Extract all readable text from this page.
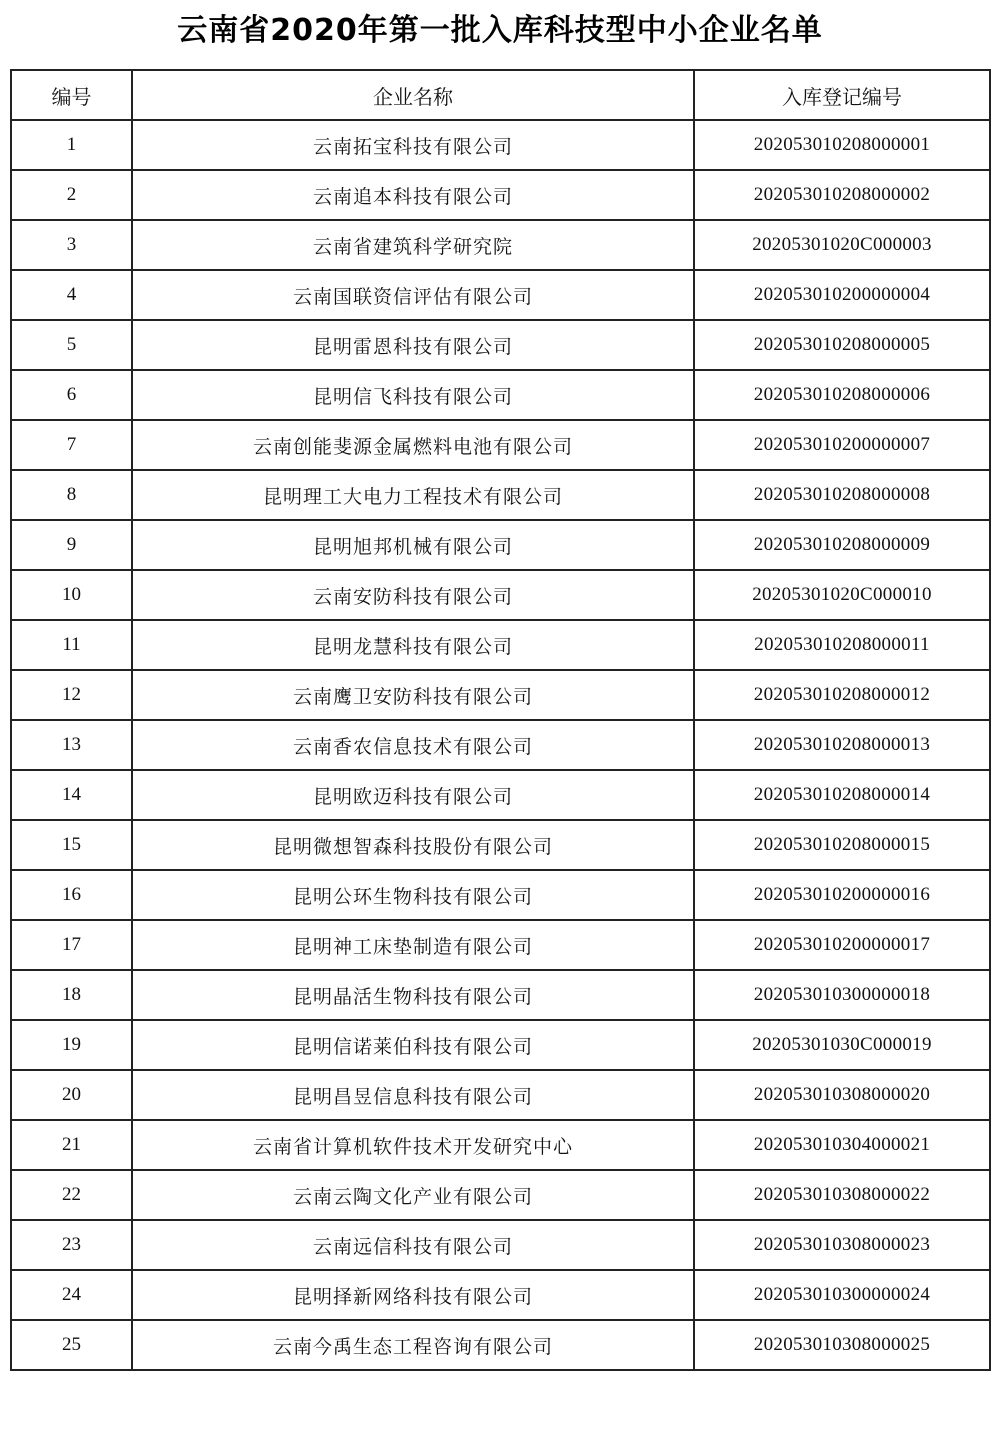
云南省2020年第一批入库科技型中小企业名单
编号	企业名称	入库登记编号
1	云南拓宝科技有限公司	202053010208000001
2	云南追本科技有限公司	202053010208000002
3	云南省建筑科学研究院	20205301020C000003
4	云南国联资信评估有限公司	202053010200000004
5	昆明雷恩科技有限公司	202053010208000005
6	昆明信飞科技有限公司	202053010208000006
7	云南创能斐源金属燃料电池有限公司	202053010200000007
8	昆明理工大电力工程技术有限公司	202053010208000008
9	昆明旭邦机械有限公司	202053010208000009
10	云南安防科技有限公司	20205301020C000010
11	昆明龙慧科技有限公司	202053010208000011
12	云南鹰卫安防科技有限公司	202053010208000012
13	云南香农信息技术有限公司	202053010208000013
14	昆明欧迈科技有限公司	202053010208000014
15	昆明微想智森科技股份有限公司	202053010208000015
16	昆明公环生物科技有限公司	202053010200000016
17	昆明神工床垫制造有限公司	202053010200000017
18	昆明晶活生物科技有限公司	202053010300000018
19	昆明信诺莱伯科技有限公司	20205301030C000019
20	昆明昌昱信息科技有限公司	202053010308000020
21	云南省计算机软件技术开发研究中心	202053010304000021
22	云南云陶文化产业有限公司	202053010308000022
23	云南远信科技有限公司	202053010308000023
24	昆明择新网络科技有限公司	202053010300000024
25	云南今禹生态工程咨询有限公司	202053010308000025
